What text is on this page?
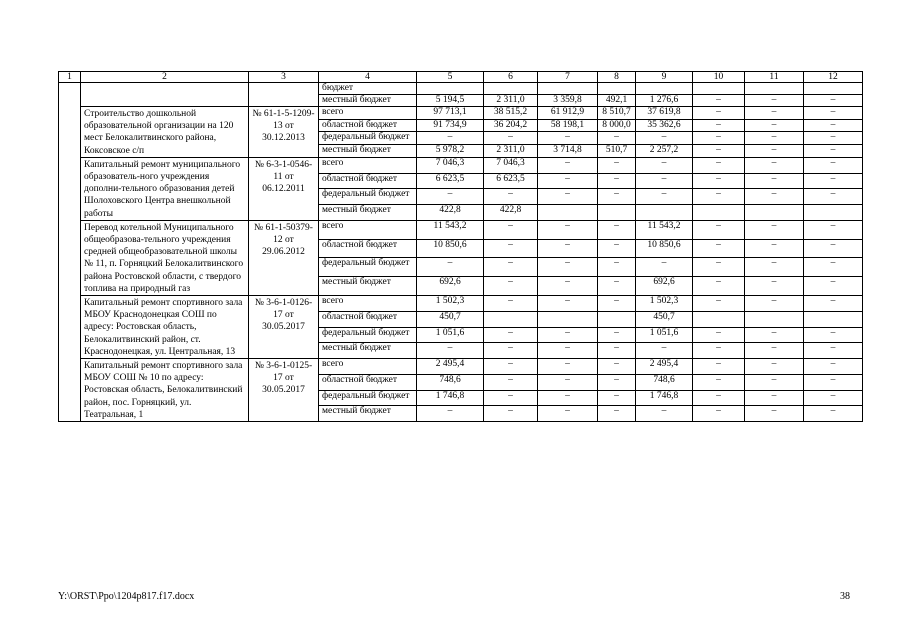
1	2	3	4	5	6	7	8	9	10	11	12
			бюджет								
			местный бюджет	5 194,5	2 311,0	3 359,8	492,1	1 276,6	–	–	–
	Строительство дошкольной образовательной организации на 120 мест Белокалитвинского района, Коксовское с/п	№ 61-1-5-1209-13 от 30.12.2013	всего	97 713,1	38 515,2	61 912,9	8 510,7	37 619,8	–	–	–
			областной бюджет	91 734,9	36 204,2	58 198,1	8 000,0	35 362,6	–	–	–
			федеральный бюджет	–	–	–	–	–	–	–	–
			местный бюджет	5 978,2	2 311,0	3 714,8	510,7	2 257,2	–	–	–
	Капитальный ремонт муниципального образователь-ного учреждения дополни-тельного образования детей Шолоховского Центра внешкольной работы	№ 6-3-1-0546-11 от 06.12.2011	всего	7 046,3	7 046,3	–	–	–	–	–	–
			областной бюджет	6 623,5	6 623,5	–	–	–	–	–	–
			федеральный бюджет	–	–	–	–	–	–	–	–
			местный бюджет	422,8	422,8						
	Перевод котельной Муниципального общеобразова-тельного учреждения средней общеобразовательной школы № 11, п. Горняцкий Белокалитвинского района Ростовской области, с твердого топлива на природный газ	№ 61-1-50379-12 от 29.06.2012	всего	11 543,2	–	–	–	11 543,2	–	–	–
			областной бюджет	10 850,6	–	–	–	10 850,6	–	–	–
			федеральный бюджет	–	–	–	–	–	–	–	–
			местный бюджет	692,6	–	–	–	692,6	–	–	–
	Капитальный ремонт спортивного зала МБОУ Краснодонецкая СОШ по адресу: Ростовская область, Белокалитвинский район, ст. Краснодонецкая, ул. Центральная, 13	№ 3-6-1-0126-17 от 30.05.2017	всего	1 502,3	–	–	–	1 502,3	–	–	–
			областной бюджет	450,7				450,7			
			федеральный бюджет	1 051,6	–	–	–	1 051,6	–	–	–
			местный бюджет	–	–	–	–	–	–	–	–
	Капитальный ремонт спортивного зала МБОУ СОШ № 10 по адресу: Ростовская область, Белокалитвинский район, пос. Горняцкий, ул. Театральная, 1	№ 3-6-1-0125-17 от 30.05.2017	всего	2 495,4	–	–	–	2 495,4	–	–	–
			областной бюджет	748,6	–	–	–	748,6	–	–	–
			федеральный бюджет	1 746,8	–	–	–	1 746,8	–	–	–
			местный бюджет	–	–	–	–	–	–	–	–
Y:\ORST\Ppo\1204p817.f17.docx	38
